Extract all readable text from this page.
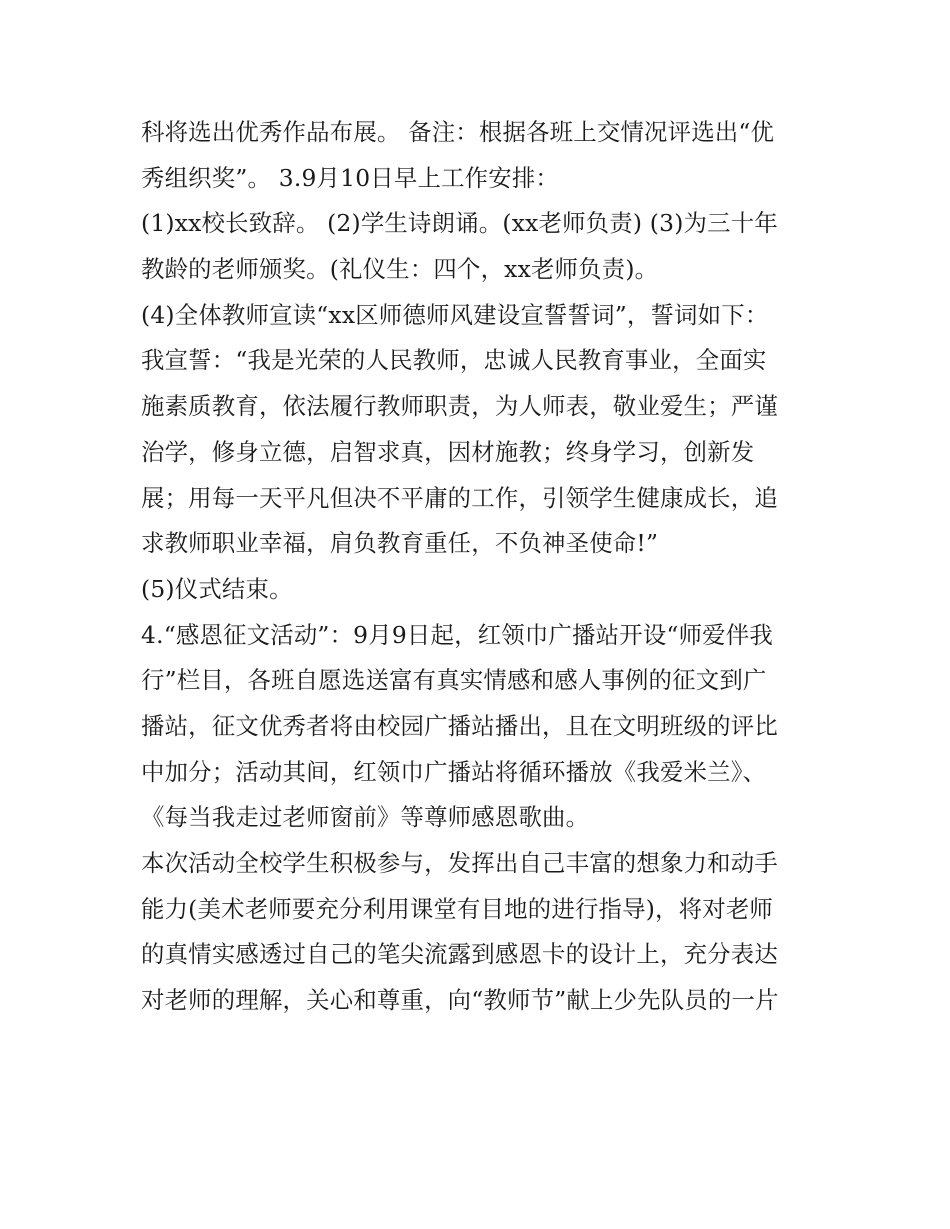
科将选出优秀作品布展。 备注：根据各班上交情况评选出“优
秀组织奖”。 3.9月10日早上工作安排：
(1)xx校长致辞。 (2)学生诗朗诵。(xx老师负责) (3)为三十年
教龄的老师颁奖。(礼仪生：四个，xx老师负责)。
(4)全体教师宣读“xx区师德师风建设宣誓誓词”，誓词如下：
我宣誓：“我是光荣的人民教师，忠诚人民教育事业，全面实
施素质教育，依法履行教师职责，为人师表，敬业爱生；严谨
治学，修身立德，启智求真，因材施教；终身学习，创新发
展；用每一天平凡但决不平庸的工作，引领学生健康成长，追
求教师职业幸福，肩负教育重任，不负神圣使命!”
(5)仪式结束。
4.“感恩征文活动”：9月9日起，红领巾广播站开设“师爱伴我
行”栏目，各班自愿选送富有真实情感和感人事例的征文到广
播站，征文优秀者将由校园广播站播出，且在文明班级的评比
中加分；活动其间，红领巾广播站将循环播放《我爱米兰》、
《每当我走过老师窗前》等尊师感恩歌曲。
本次活动全校学生积极参与，发挥出自己丰富的想象力和动手
能力(美术老师要充分利用课堂有目地的进行指导)，将对老师
的真情实感透过自己的笔尖流露到感恩卡的设计上，充分表达
对老师的理解，关心和尊重，向“教师节”献上少先队员的一片
